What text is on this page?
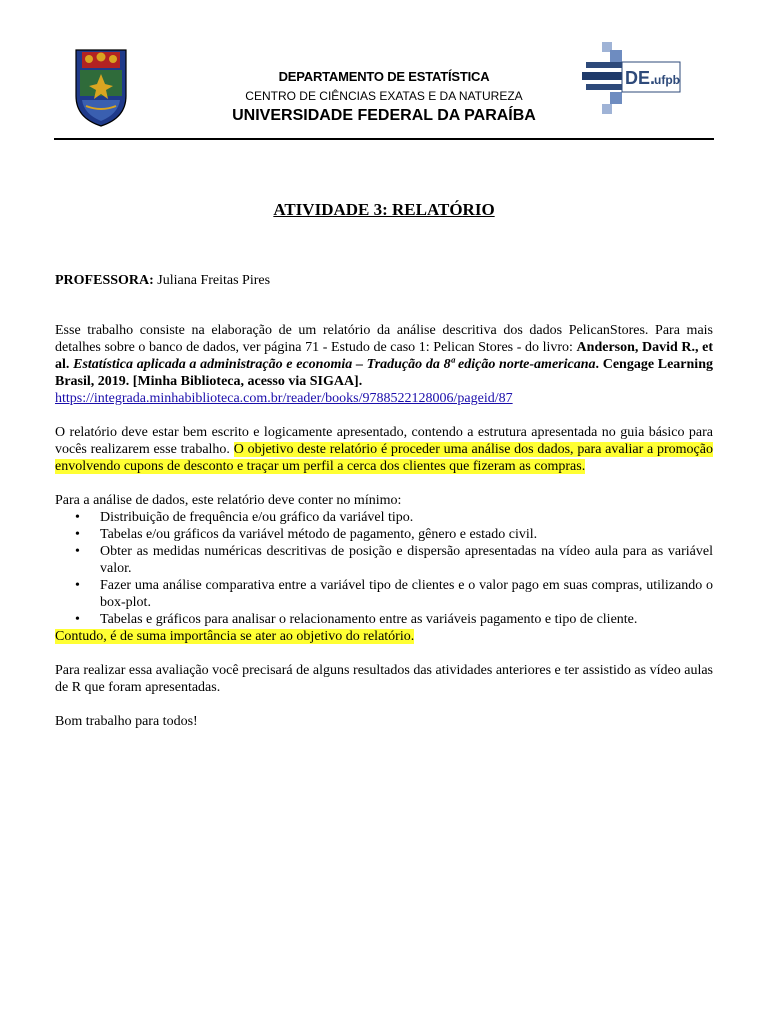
DEPARTAMENTO DE ESTATÍSTICA
CENTRO DE CIÊNCIAS EXATAS E DA NATUREZA
UNIVERSIDADE FEDERAL DA PARAÍBA
DE.
ufpb
ATIVIDADE 3: RELATÓRIO

PROFESSORA: Juliana Freitas Pires

Esse trabalho consiste na elaboração de um relatório da análise descritiva dos dados PelicanStores. Para mais detalhes sobre o banco de dados, ver página 71 - Estudo de caso 1: Pelican Stores - do livro: Anderson, David R., et al. Estatística aplicada a administração e economia – Tradução da 8ª edição norte-americana. Cengage Learning Brasil, 2019. [Minha Biblioteca, acesso via SIGAA].
https://integrada.minhabiblioteca.com.br/reader/books/9788522128006/pageid/87

O relatório deve estar bem escrito e logicamente apresentado, contendo a estrutura apresentada no guia básico para vocês realizarem esse trabalho. O objetivo deste relatório é proceder uma análise dos dados, para avaliar a promoção envolvendo cupons de desconto e traçar um perfil a cerca dos clientes que fizeram as compras.

Para a análise de dados, este relatório deve conter no mínimo:

• Distribuição de frequência e/ou gráfico da variável tipo.
• Tabelas e/ou gráficos da variável método de pagamento, gênero e estado civil.
• Obter as medidas numéricas descritivas de posição e dispersão apresentadas na vídeo aula para as variável valor.
• Fazer uma análise comparativa entre a variável tipo de clientes e o valor pago em suas compras, utilizando o box-plot.
• Tabelas e gráficos para analisar o relacionamento entre as variáveis pagamento e tipo de cliente.

Contudo, é de suma importância se ater ao objetivo do relatório.

Para realizar essa avaliação você precisará de alguns resultados das atividades anteriores e ter assistido as vídeo aulas de R que foram apresentadas.

Bom trabalho para todos!
